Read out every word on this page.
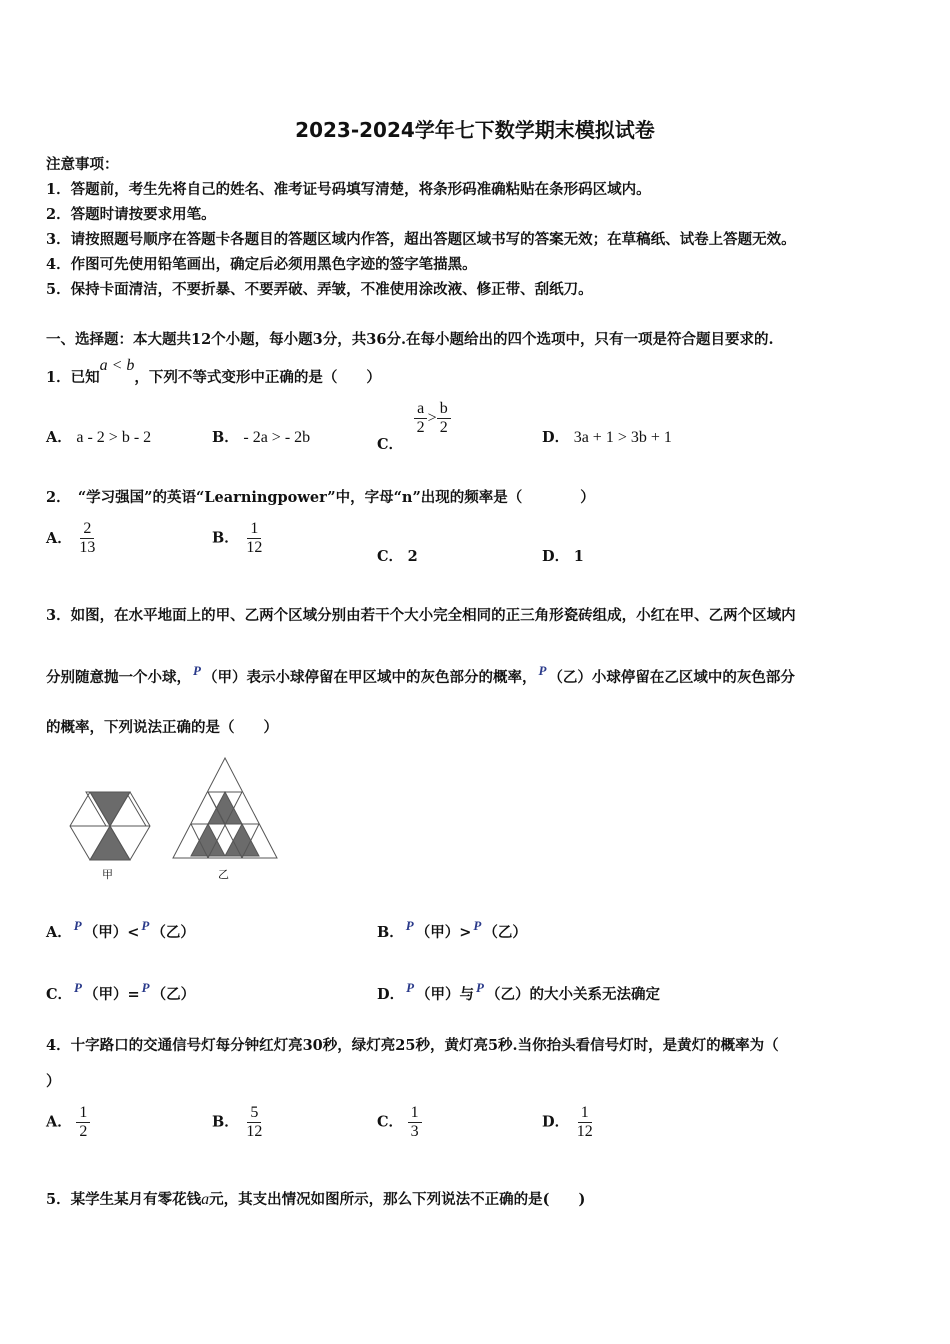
2023-2024学年七下数学期末模拟试卷
注意事项：
1．答题前，考生先将自己的姓名、准考证号码填写清楚，将条形码准确粘贴在条形码区域内。
2．答题时请按要求用笔。
3．请按照题号顺序在答题卡各题目的答题区域内作答，超出答题区域书写的答案无效；在草稿纸、试卷上答题无效。
4．作图可先使用铅笔画出，确定后必须用黑色字迹的签字笔描黑。
5．保持卡面清洁，不要折暴、不要弄破、弄皱，不准使用涂改液、修正带、刮纸刀。
一、选择题：本大题共12个小题，每小题3分，共36分.在每小题给出的四个选项中，只有一项是符合题目要求的.
1．已知a < b，下列不等式变形中正确的是（　　）
A． a - 2 > b - 2	B． - 2a > - 2b	C．
$\frac{a}{2} > \frac{b}{2}$
D． 3a + 1 > 3b + 1
2．　“学习强国”的英语“Learningpower”中，字母“n”出现的频率是（　　　　）
A． $\frac{2}{13}$	B． $\frac{1}{12}$	C． 2	D． 1
3．如图，在水平地面上的甲、乙两个区域分别由若干个大小完全相同的正三角形瓷砖组成，小红在甲、乙两个区域内
分别随意抛一个小球， P （甲）表示小球停留在甲区域中的灰色部分的概率， P （乙）小球停留在乙区域中的灰色部分
的概率，下列说法正确的是（　　）
甲	乙
A． P （甲）< P （乙）	B． P （甲）> P （乙）
C． P （甲）= P （乙）	D． P （甲）与 P （乙）的大小关系无法确定
4．十字路口的交通信号灯每分钟红灯亮30秒，绿灯亮25秒，黄灯亮5秒.当你抬头看信号灯时，是黄灯的概率为（
）
A． $\frac{1}{2}$	B． $\frac{5}{12}$	C． $\frac{1}{3}$	D． $\frac{1}{12}$
5．某学生某月有零花钱a元，其支出情况如图所示，那么下列说法不正确的是(　　)
